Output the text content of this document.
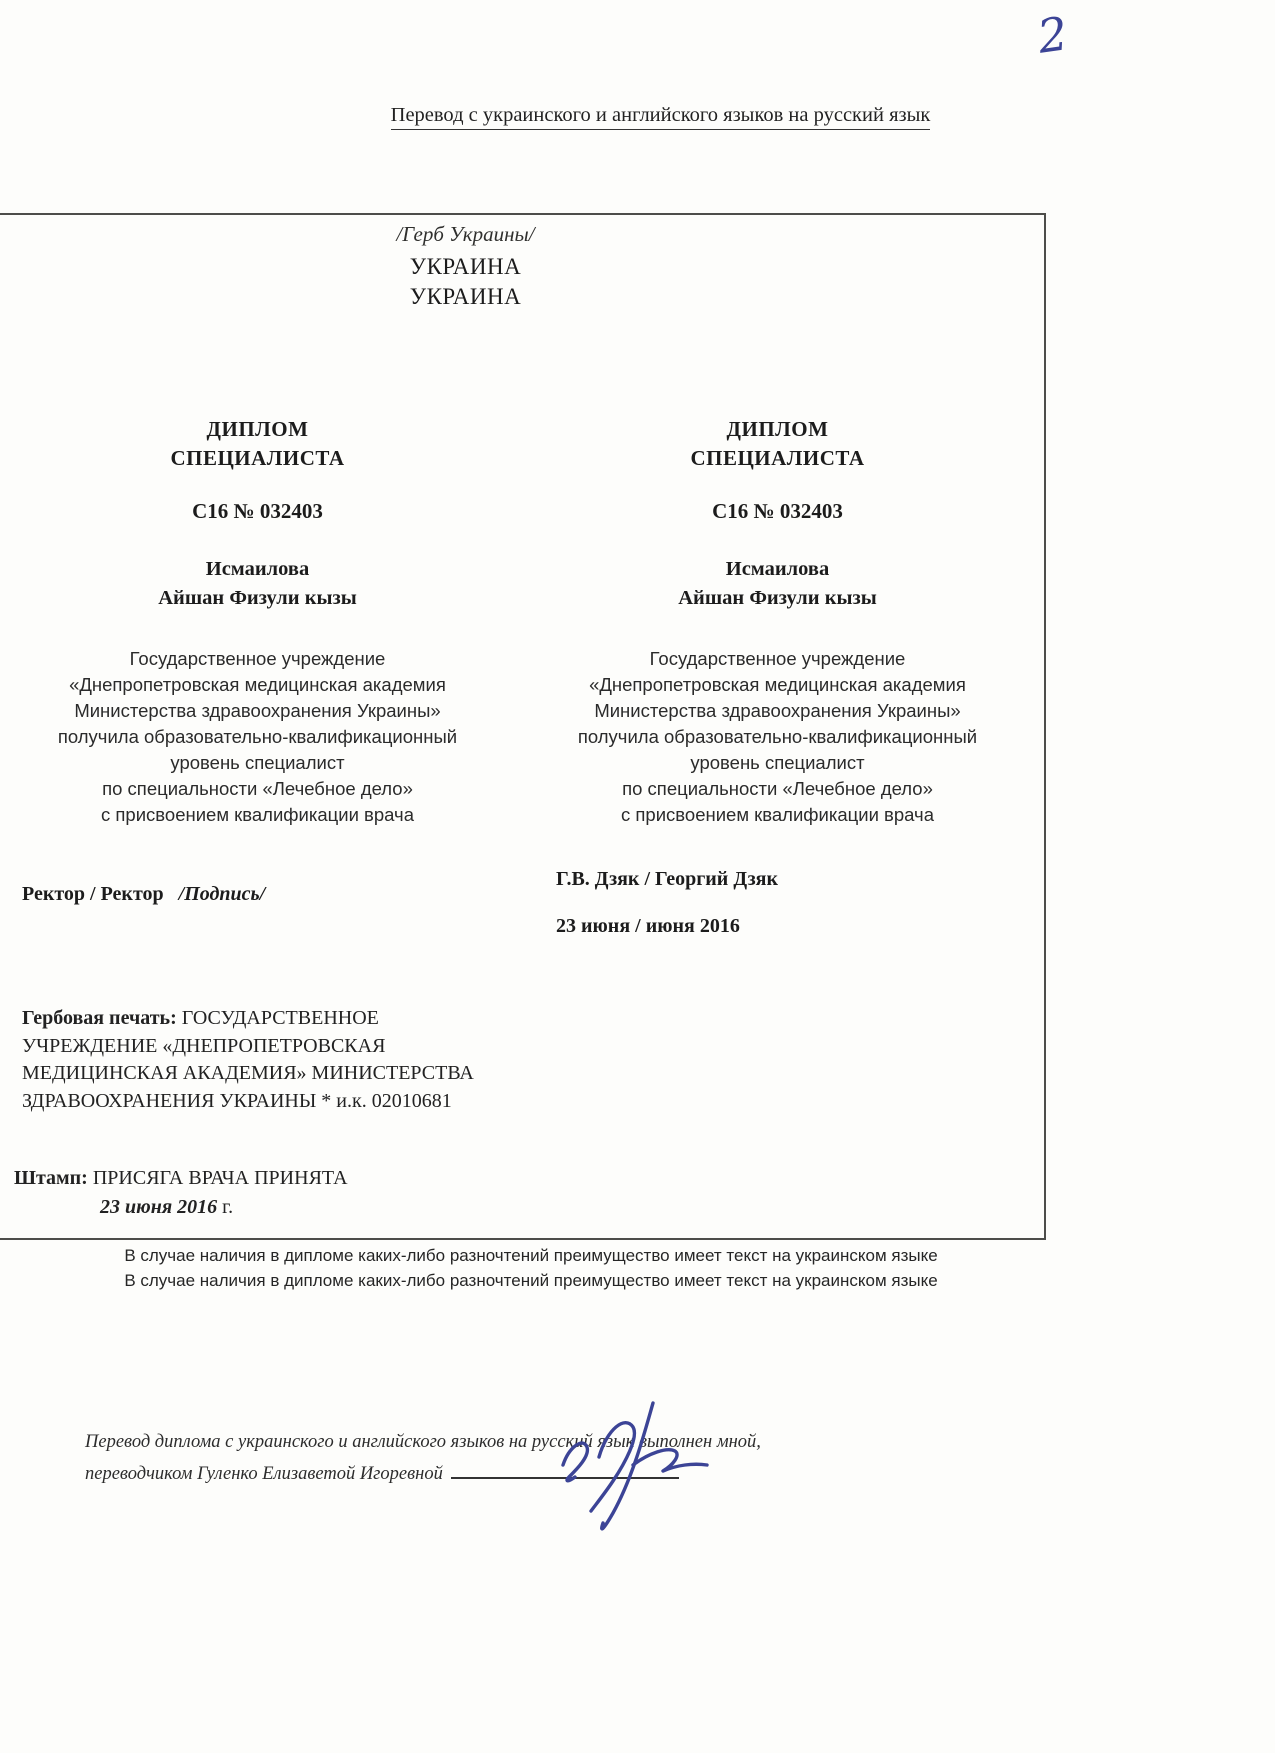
2
Перевод с украинского и английского языков на русский язык
/Герб Украины/
УКРАИНА
УКРАИНА
ДИПЛОМ
СПЕЦИАЛИСТА
С16 № 032403
Исмаилова
Айшан Физули кызы
Государственное учреждение
«Днепропетровская медицинская академия
Министерства здравоохранения Украины»
получила образовательно-квалификационный
уровень специалист
по специальности «Лечебное дело»
с присвоением квалификации врача
ДИПЛОМ
СПЕЦИАЛИСТА
С16 № 032403
Исмаилова
Айшан Физули кызы
Государственное учреждение
«Днепропетровская медицинская академия
Министерства здравоохранения Украины»
получила образовательно-квалификационный
уровень специалист
по специальности «Лечебное дело»
с присвоением квалификации врача
Ректор / Ректор /Подпись/
Г.В. Дзяк / Георгий Дзяк
23 июня / июня 2016
Гербовая печать: ГОСУДАРСТВЕННОЕ УЧРЕЖДЕНИЕ «ДНЕПРОПЕТРОВСКАЯ МЕДИЦИНСКАЯ АКАДЕМИЯ» МИНИСТЕРСТВА ЗДРАВООХРАНЕНИЯ УКРАИНЫ * и.к. 02010681
Штамп: ПРИСЯГА ВРАЧА ПРИНЯТА
23 июня 2016 г.
В случае наличия в дипломе каких-либо разночтений преимущество имеет текст на украинском языке
В случае наличия в дипломе каких-либо разночтений преимущество имеет текст на украинском языке
Перевод диплома с украинского и английского языков на русский язык выполнен мной,
переводчиком Гуленко Елизаветой Игоревной
